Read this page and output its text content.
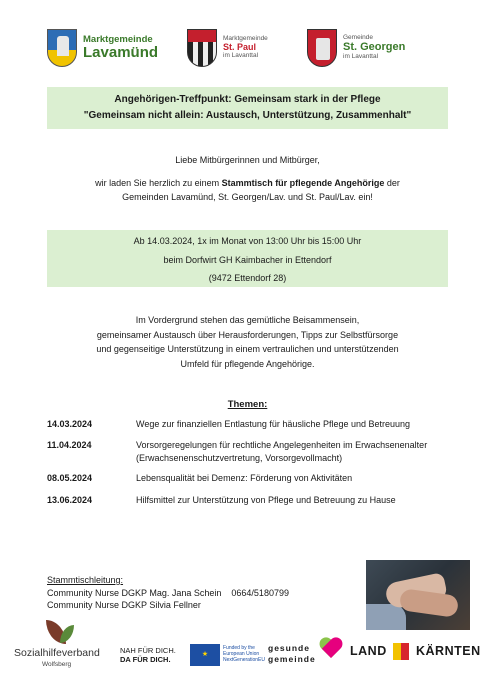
Marktgemeinde
Lavamünd
Marktgemeinde
St. Paul
im Lavanttal
Gemeinde
St. Georgen
im Lavanttal
Angehörigen-Treffpunkt: Gemeinsam stark in der Pflege
"Gemeinsam nicht allein: Austausch, Unterstützung, Zusammenhalt"
Liebe Mitbürgerinnen und Mitbürger,
wir laden Sie herzlich zu einem Stammtisch für pflegende Angehörige der
Gemeinden Lavamünd, St. Georgen/Lav. und St. Paul/Lav. ein!
Ab 14.03.2024, 1x im Monat von 13:00 Uhr bis 15:00 Uhr
beim Dorfwirt GH Kaimbacher in Ettendorf
(9472 Ettendorf 28)
Im Vordergrund stehen das gemütliche Beisammensein,
gemeinsamer Austausch über Herausforderungen, Tipps zur Selbstfürsorge
und gegenseitige Unterstützung in einem vertraulichen und unterstützenden
Umfeld für pflegende Angehörige.
Themen:
14.03.2024	Wege zur finanziellen Entlastung für häusliche Pflege und Betreuung
11.04.2024	Vorsorgeregelungen für rechtliche Angelegenheiten im Erwachsenenalter (Erwachsenenschutzvertretung, Vorsorgevollmacht)
08.05.2024	Lebensqualität bei Demenz: Förderung von Aktivitäten
13.06.2024	Hilfsmittel zur Unterstützung von Pflege und Betreuung zu Hause
Stammtischleitung:
Community Nurse DGKP Mag. Jana Schein 0664/5180799
Community Nurse DGKP Silvia Fellner
Sozialhilfeverband
Wolfsberg
NAH FÜR DICH.
DA FÜR DICH.
★
Funded by the
European Union
NextGenerationEU
gesunde
gemeinde
LAND KÄRNTEN
